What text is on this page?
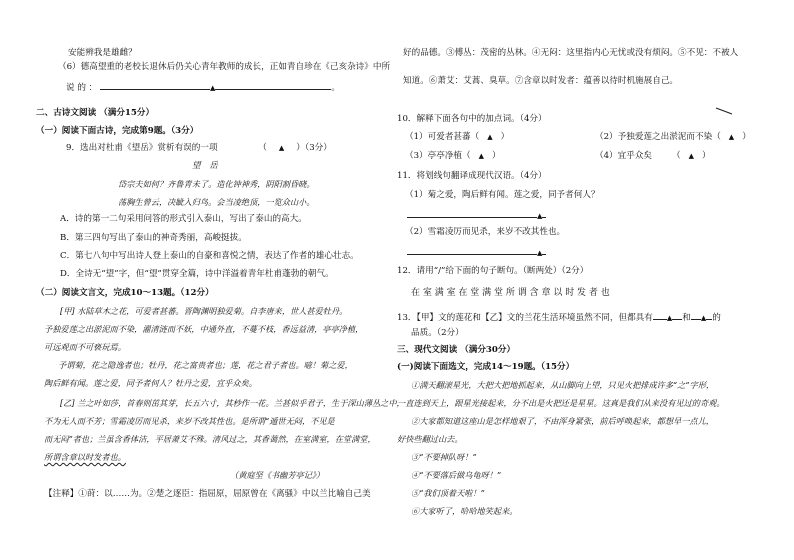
安能辨我是雄雌？
（6）德高望重的老校长退休后仍关心青年教师的成长，正如青自珍在《己亥杂诗》中所
说 的 ：	▲	。
二、古诗文阅读 （满分15分）
（一）阅读下面古诗，完成第9题。（3分）
9．选出对杜甫《望岳》赏析有误的一项	（ ▲ ）（3分）
望　岳
岱宗夫如何？齐鲁青未了。造化钟神秀，阴阳割昏晓。
荡胸生曾云，决眦入归鸟。会当凌绝顶，一览众山小。
A．诗的第一二句采用问答的形式引入泰山，写出了泰山的高大。
B．第三四句写出了泰山的神奇秀丽，高峻挺拔。
C．第七八句中写出诗人登上泰山的自豪和喜悦之情，表达了作者的雄心壮志。
D．全诗无“望”字，但“望”贯穿全篇，诗中洋溢着青年杜甫蓬勃的朝气。
（二）阅读文言文，完成10～13题。（12分）
[甲] 水陆草木之花，可爱者甚蕃。晋陶渊明独爱菊。自李唐来，世人甚爱牡丹。
予独爱莲之出淤泥而不染，濯清涟而不妖，中通外直，不蔓不枝，香远益清，亭亭净植，
可远观而不可亵玩焉。
予谓菊，花之隐逸者也；牡丹，花之富贵者也；莲，花之君子者也。噫！菊之爱，
陶后鲜有闻。莲之爱，同予者何人？牡丹之爱，宜乎众矣。
[乙] 兰之叶如莎，首春则茁其芽，长五六寸，其杪作一花。兰甚似乎君子，生于深山薄丛之中，
不为无人而不芳；雪霜凌厉而见杀，来岁不改其性也。是所谓“遁世无闷，不见是
而无闷”者也；兰虽含香体洁，平居萧艾不殊。清风过之，其香蔼然，在室满室，在堂满堂，
所谓含章以时发者也。
（黄庭坚《书幽芳亭记》）
【注释】①莳：以……为。②楚之逐臣：指屈原，屈原曾在《离骚》中以兰比喻自己美
好的品德。③傅丛：茂密的丛林。④无闷：这里指内心无忧或没有烦闷。⑤不见：不被人
知道。⑥萧艾：艾蒿、臭草。⑦含章以时发者：蕴善以待时机施展自己。
10．解释下面各句中的加点词。（4分）
（1）可爱者甚蕃（ ▲ ）	（2）予独爱莲之出淤泥而不染（ ▲ ）
（3）亭亭净植（ ▲ ）	（4）宜乎众矣 （ ▲ ）
11．将划线句翻译成现代汉语。（4分）
（1）菊之爱，陶后鲜有闻。莲之爱，同予者何人？
▲
（2）雪霜凌厉而见杀，来岁不改其性也。
▲
12．请用“/”给下面的句子断句。（断两处）（2分）
在 室 满 室 在 堂 满 堂 所 谓 含 章 以 时 发 者 也
13．【甲】文的莲花和【乙】文的兰花生活环境虽然不同，但都具有 ▲ 和 ▲ 的
品质。（2分）
三、现代文阅读 （满分30分）
(一)阅读下面选文，完成14～19题。（15分）
①满天翻滚星光，大把大把地抓起来，从山脚向上望，只见火把排成许多“之”字形，
一直连到天上，跟星光接起来，分不出是火把还是星星。这真是我们从来没有见过的奇观。
②大家都知道这座山是怎样地艰了，不由浑身紧张，前后呼唤起来，都想早一点儿，
好快些翻过山去。
③“不要掉队呀！”
④“不要落后做乌龟呀！”
⑤“我们顶着天啦！”
⑥大家听了，哈哈地笑起来。
